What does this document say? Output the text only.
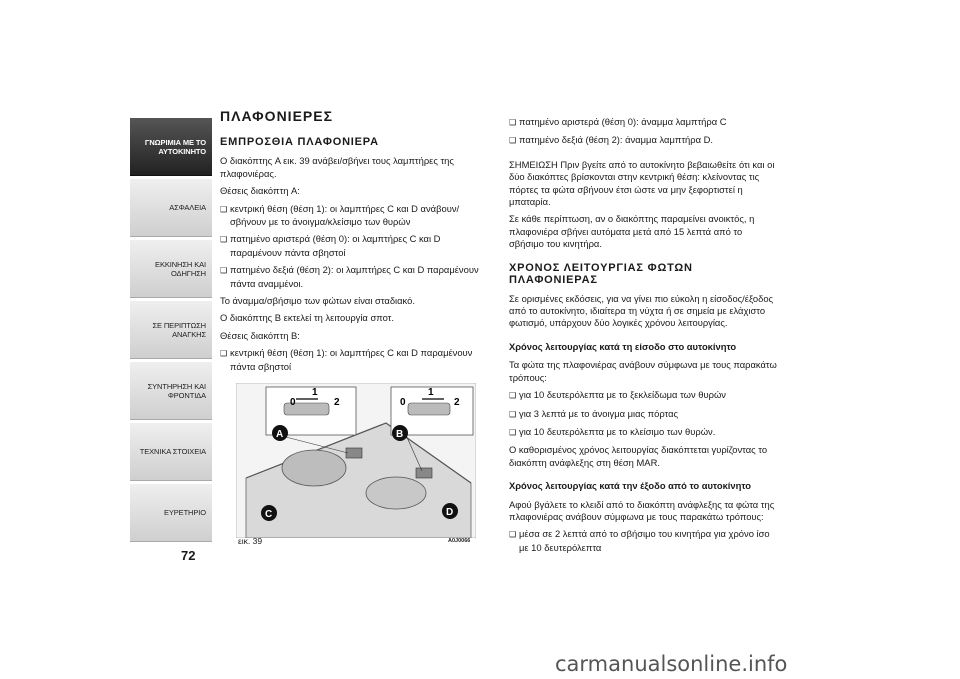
ΓΝΩΡΙΜΙΑ ΜΕ ΤΟ ΑΥΤΟΚΙΝΗΤΟ
ΑΣΦΑΛΕΙΑ
ΕΚΚΙΝΗΣΗ ΚΑΙ ΟΔΗΓΗΣΗ
ΣΕ ΠΕΡΙΠΤΩΣΗ ΑΝΑΓΚΗΣ
ΣΥΝΤΗΡΗΣΗ ΚΑΙ ΦΡΟΝΤΙΔΑ
ΤΕΧΝΙΚΑ ΣΤΟΙΧΕΙΑ
ΕΥΡΕΤΗΡΙΟ
72
ΠΛΑΦΟΝΙΕΡΕΣ
ΕΜΠΡΟΣΘΙΑ ΠΛΑΦΟΝΙΕΡΑ

Ο διακόπτης A εικ. 39 ανάβει/σβήνει τους λαμπτήρες της πλαφονιέρας.

Θέσεις διακόπτη A:

❑ κεντρική θέση (θέση 1): οι λαμπτήρες C και D ανάβουν/σβήνουν με το άνοιγμα/κλείσιμο των θυρών
❑ πατημένο αριστερά (θέση 0): οι λαμπτήρες C και D παραμένουν πάντα σβηστοί
❑ πατημένο δεξιά (θέση 2): οι λαμπτήρες C και D παραμένουν πάντα αναμμένοι.

Το άναμμα/σβήσιμο των φώτων είναι σταδιακό.

Ο διακόπτης B εκτελεί τη λειτουργία σποτ.

Θέσεις διακόπτη B:

❑ κεντρική θέση (θέση 1): οι λαμπτήρες C και D παραμένουν πάντα σβηστοί
0
1
2	0
1
2
A	B
C	D
εικ. 39	A0J0066
❑ πατημένο αριστερά (θέση 0): άναμμα λαμπτήρα C
❑ πατημένο δεξιά (θέση 2): άναμμα λαμπτήρα D.

ΣΗΜΕΙΩΣΗ Πριν βγείτε από το αυτοκίνητο βεβαιωθείτε ότι και οι δύο διακόπτες βρίσκονται στην κεντρική θέση: κλείνοντας τις πόρτες τα φώτα σβήνουν έτσι ώστε να μην ξεφορτιστεί η μπαταρία.

Σε κάθε περίπτωση, αν ο διακόπτης παραμείνει ανοικτός, η πλαφονιέρα σβήνει αυτόματα μετά από 15 λεπτά από το σβήσιμο του κινητήρα.

ΧΡΟΝΟΣ ΛΕΙΤΟΥΡΓΙΑΣ ΦΩΤΩΝ ΠΛΑΦΟΝΙΕΡΑΣ

Σε ορισμένες εκδόσεις, για να γίνει πιο εύκολη η είσοδος/έξοδος από το αυτοκίνητο, ιδιαίτερα τη νύχτα ή σε σημεία με ελάχιστο φωτισμό, υπάρχουν δύο λογικές χρόνου λειτουργίας.

Χρόνος λειτουργίας κατά τη είσοδο στο αυτοκίνητο

Τα φώτα της πλαφονιέρας ανάβουν σύμφωνα με τους παρακάτω τρόπους:

❑ για 10 δευτερόλεπτα με το ξεκλείδωμα των θυρών
❑ για 3 λεπτά με το άνοιγμα μιας πόρτας
❑ για 10 δευτερόλεπτα με το κλείσιμο των θυρών.

Ο καθορισμένος χρόνος λειτουργίας διακόπτεται γυρίζοντας το διακόπτη ανάφλεξης στη θέση MAR.

Χρόνος λειτουργίας κατά την έξοδο από το αυτοκίνητο

Αφού βγάλετε το κλειδί από το διακόπτη ανάφλεξης τα φώτα της πλαφονιέρας ανάβουν σύμφωνα με τους παρακάτω τρόπους:

❑ μέσα σε 2 λεπτά από το σβήσιμο του κινητήρα για χρόνο ίσο με 10 δευτερόλεπτα
carmanualsonline.info
